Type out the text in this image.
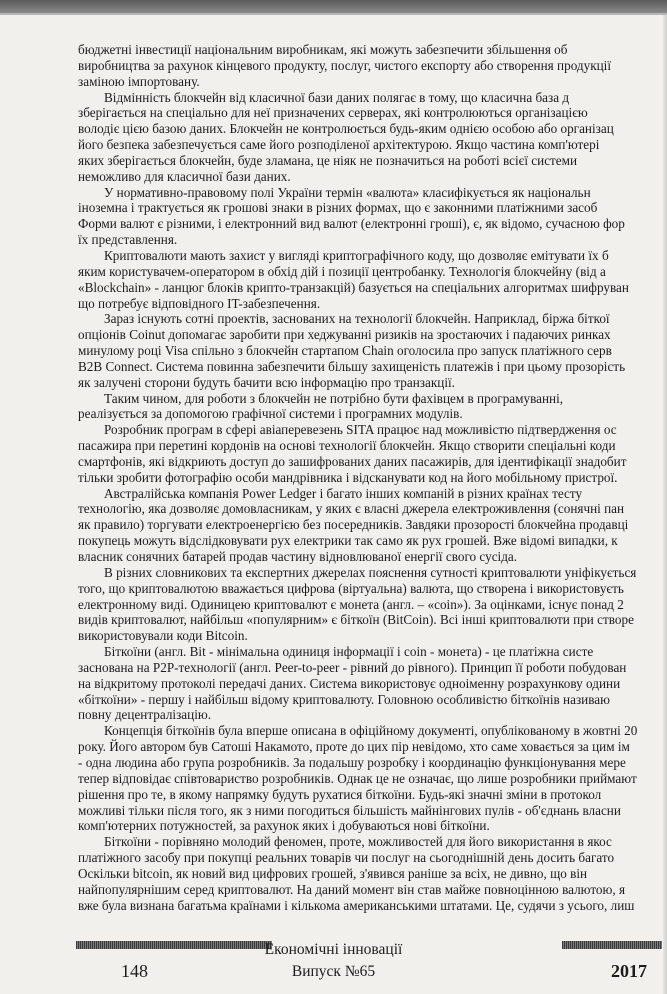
бюджетні інвестиції національним виробникам, які можуть забезпечити збільшення об
виробництва за рахунок кінцевого продукту, послуг, чистого експорту або створення продукції
заміною імпортовану.
Відмінність блокчейн від класичної бази даних полягає в тому, що класична база д
зберігається на спеціально для неї призначених серверах, які контролюються організацією
володіє цією базою даних. Блокчейн не контролюється будь-яким однією особою або організац
його безпека забезпечується саме його розподіленої архітектурою. Якщо частина комп'ютері
яких зберігається блокчейн, буде зламана, це ніяк не позначиться на роботі всієї системи
неможливо для класичної бази даних.
У нормативно-правовому полі України термін «валюта» класифікується як національн
іноземна і трактується як грошові знаки в різних формах, що є законними платіжними засоб
Форми валют є різними, і електронний вид валют (електронні гроші), є, як відомо, сучасною фор
їх представлення.
Криптовалюти мають захист у вигляді криптографічного коду, що дозволяє емітувати їх б
яким користувачем-оператором в обхід дій і позиції центробанку. Технологія блокчейну (від а
«Blockchain» - ланцюг блоків крипто-транзакцій) базується на спеціальних алгоритмах шифруван
що потребує відповідного IT-забезпечення.
Зараз існують сотні проектів, заснованих на технології блокчейн. Наприклад, біржа біткої
опціонів Coinut допомагає заробити при хеджуванні ризиків на зростаючих і падаючих ринках
минулому році Visa спільно з блокчейн стартапом Chain оголосила про запуск платіжного серв
B2B Connect. Система повинна забезпечити більшу захищеність платежів і при цьому прозорість
як залучені сторони будуть бачити всю інформацію про транзакції.
Таким чином, для роботи з блокчейн не потрібно бути фахівцем в програмуванні,
реалізується за допомогою графічної системи і програмних модулів.
Розробник програм в сфері авіаперевезень SITA працює над можливістю підтвердження ос
пасажира при перетині кордонів на основі технології блокчейн. Якщо створити спеціальні коди
смартфонів, які відкриють доступ до зашифрованих даних пасажирів, для ідентифікації знадобит
тільки зробити фотографію особи мандрівника і відсканувати код на його мобільному пристрої.
Австралійська компанія Power Ledger і багато інших компаній в різних країнах тесту
технологію, яка дозволяє домовласникам, у яких є власні джерела електроживлення (сонячні пан
як правило) торгувати електроенергією без посередників. Завдяки прозорості блокчейна продавці
покупець можуть відслідковувати рух електрики так само як рух грошей. Вже відомі випадки, к
власник сонячних батарей продав частину відновлюваної енергії свого сусіда.
В різних словникових та експертних джерелах пояснення сутності криптовалюти уніфікується
того, що криптовалютою вважається цифрова (віртуальна) валюта, що створена і використовуєть
електронному виді. Одиницею криптовалют є монета (англ. – «coin»). За оцінками, існує понад 2
видів криптовалют, найбільш «популярним» є біткоїн (BitCoin). Всі інші криптовалюти при створе
використовували коди Bitcoin.
Біткоїни (англ. Bit - мінімальна одиниця інформації і coin - монета) - це платіжна систе
заснована на P2P-технології (англ. Peer-to-peer - рівний до рівного). Принцип її роботи побудован
на відкритому протоколі передачі даних. Система використовує одноіменну розрахункову одини
«біткоїни» - першу і найбільш відому криптовалюту. Головною особливістю біткоїнів називаю
повну децентралізацію.
Концепція біткоїнів була вперше описана в офіційному документі, опублікованому в жовтні 20
року. Його автором був Сатоші Накамото, проте до цих пір невідомо, хто саме ховається за цим ім
- одна людина або група розробників. За подальшу розробку і координацію функціонування мере
тепер відповідає співтовариство розробників. Однак це не означає, що лише розробники приймают
рішення про те, в якому напрямку будуть рухатися біткоїни. Будь-які значні зміни в протокол
можливі тільки після того, як з ними погодиться більшість майнінгових пулів - об'єднань власни
комп'ютерних потужностей, за рахунок яких і добуваються нові біткоїни.
Біткоїни - порівняно молодий феномен, проте, можливостей для його використання в якос
платіжного засобу при покупці реальних товарів чи послуг на сьогоднішній день досить багато
Оскільки bitcoin, як новий вид цифрових грошей, з'явився раніше за всіх, не дивно, що він
найпопулярнішим серед криптовалют. На даний момент він став майже повноцінною валютою, я
вже була визнана багатьма країнами і кількома американськими штатами. Це, судячи з усього, лиш
Економічні інновації
Випуск №65
148	2017
